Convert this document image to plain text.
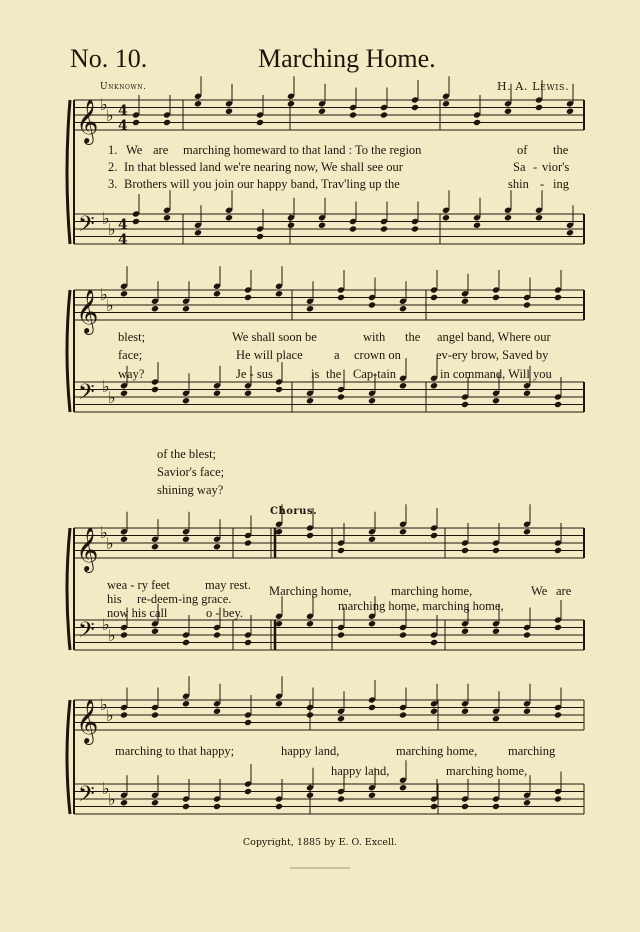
No. 10.	Marching Home.
Unknown.	H. A. Lewis.
𝄞
𝄢
♭
♭
♭
♭
4
4
4
4
𝄞
𝄢
♭
♭
♭
♭
𝄞
𝄢
♭
♭
♭
♭
𝄞
𝄢
♭
♭
♭
♭
1. We are marching homeward to that land : To the region	of the
2. In that blessed land we're nearing now, We shall see our	Sa - vior's
3. Brothers will you join our happy band, Trav'ling up the	shin - ing
blest;	We shall soon be	with the angel band, Where our
face;	He will place	a crown on	ev-ery brow, Saved by
way?	Je - sus	is the Cap-tain	in command, Will you
of the blest;
Savior's face;
shining way?
Chorus.
wea - ry feet	may rest.
his re-deem-ing grace.
now his call	o - bey.
Marching home,	marching home,	We are
marching home, marching home,
marching to that happy;	happy land,	marching home, marching
happy land,	marching home,
Copyright, 1885 by E. O. Excell.
